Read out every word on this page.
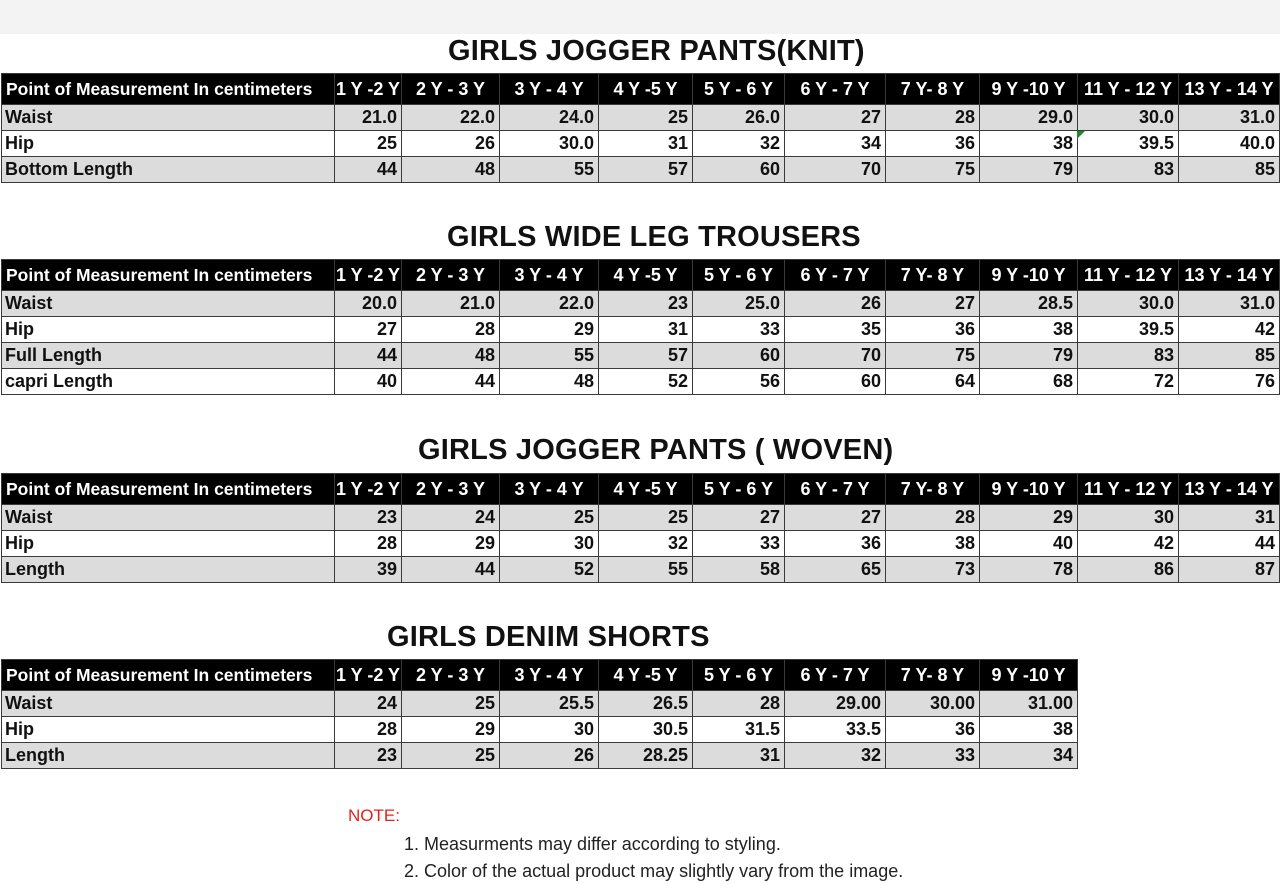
GIRLS JOGGER PANTS(KNIT)
Point of Measurement In centimeters	1 Y -2 Y	2 Y - 3 Y	3 Y - 4 Y	4 Y -5 Y	5 Y - 6 Y	6 Y - 7 Y	7 Y- 8 Y	9 Y -10 Y	11 Y - 12 Y	13 Y - 14 Y
Waist	21.0	22.0	24.0	25	26.0	27	28	29.0	30.0	31.0
Hip	25	26	30.0	31	32	34	36	38	39.5	40.0
Bottom Length	44	48	55	57	60	70	75	79	83	85
GIRLS WIDE LEG TROUSERS
Point of Measurement In centimeters	1 Y -2 Y	2 Y - 3 Y	3 Y - 4 Y	4 Y -5 Y	5 Y - 6 Y	6 Y - 7 Y	7 Y- 8 Y	9 Y -10 Y	11 Y - 12 Y	13 Y - 14 Y
Waist	20.0	21.0	22.0	23	25.0	26	27	28.5	30.0	31.0
Hip	27	28	29	31	33	35	36	38	39.5	42
Full Length	44	48	55	57	60	70	75	79	83	85
capri Length	40	44	48	52	56	60	64	68	72	76
GIRLS JOGGER PANTS ( WOVEN)
Point of Measurement In centimeters	1 Y -2 Y	2 Y - 3 Y	3 Y - 4 Y	4 Y -5 Y	5 Y - 6 Y	6 Y - 7 Y	7 Y- 8 Y	9 Y -10 Y	11 Y - 12 Y	13 Y - 14 Y
Waist	23	24	25	25	27	27	28	29	30	31
Hip	28	29	30	32	33	36	38	40	42	44
Length	39	44	52	55	58	65	73	78	86	87
GIRLS DENIM SHORTS
Point of Measurement In centimeters	1 Y -2 Y	2 Y - 3 Y	3 Y - 4 Y	4 Y -5 Y	5 Y - 6 Y	6 Y - 7 Y	7 Y- 8 Y	9 Y -10 Y
Waist	24	25	25.5	26.5	28	29.00	30.00	31.00
Hip	28	29	30	30.5	31.5	33.5	36	38
Length	23	25	26	28.25	31	32	33	34
NOTE:
1. Measurments may differ according to styling.
2. Color of the actual product may slightly vary from the image.
